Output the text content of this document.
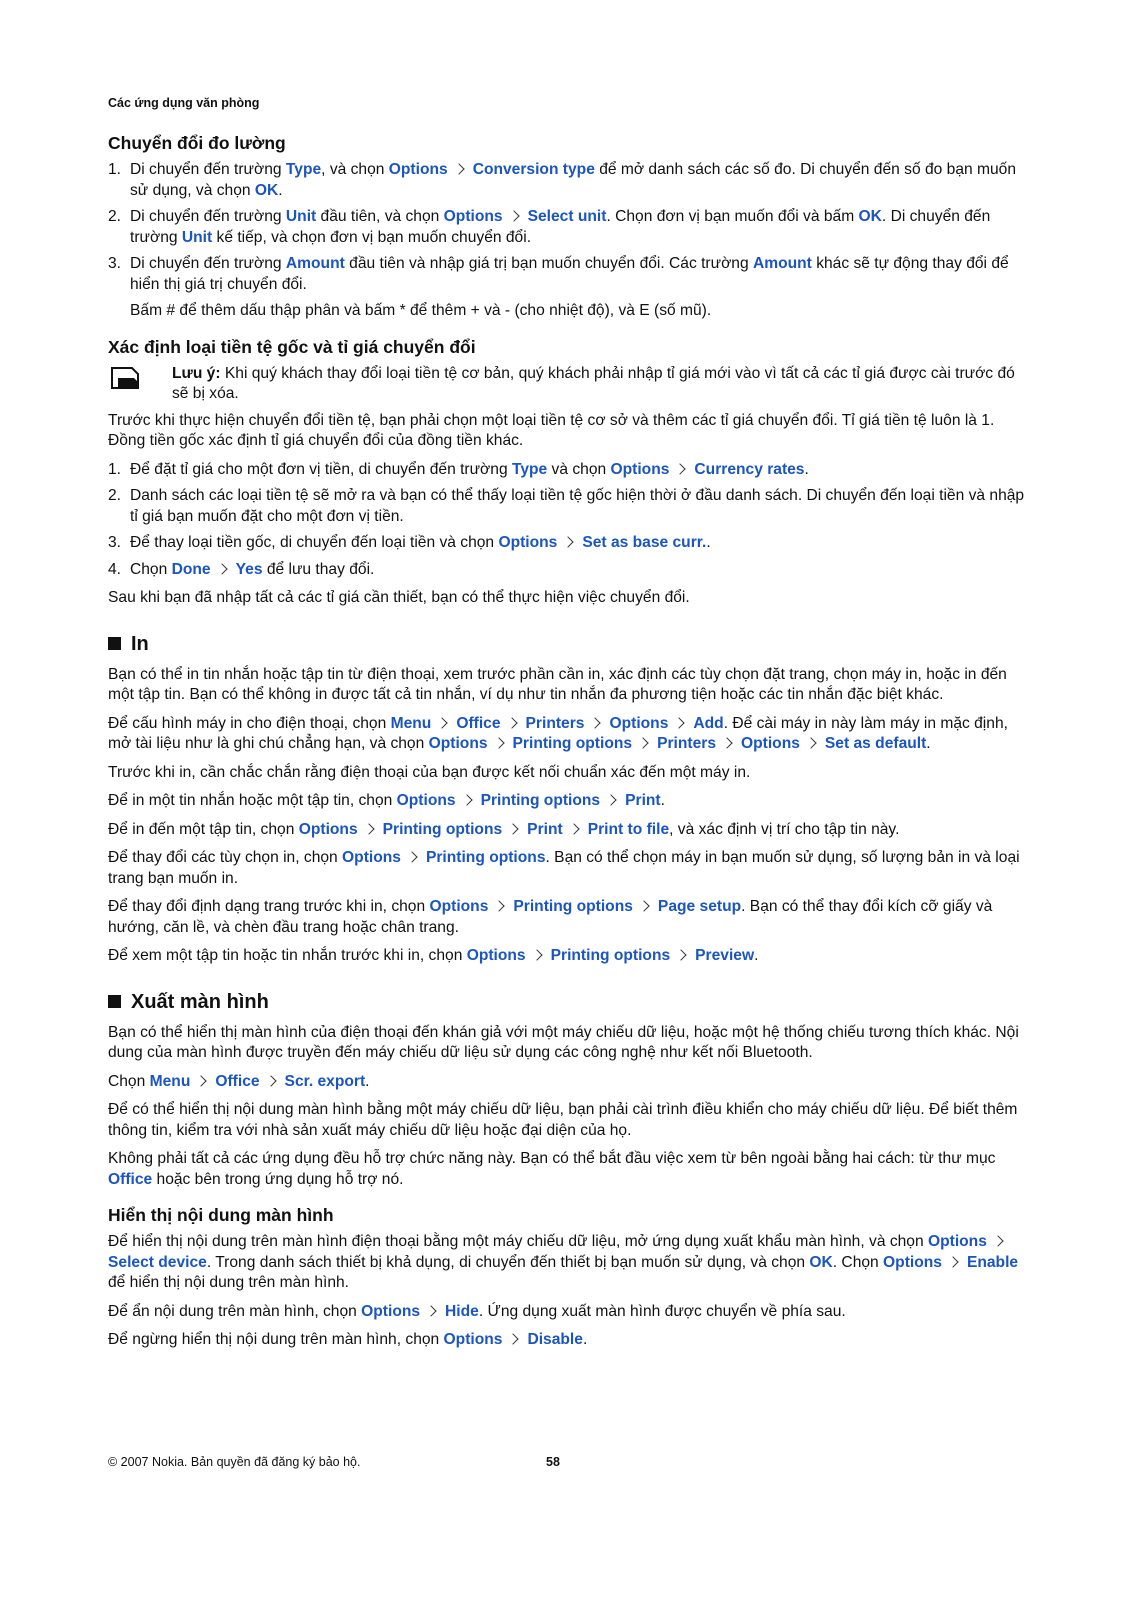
Các ứng dụng văn phòng
Chuyển đổi đo lường
1. Di chuyển đến trường Type, và chọn Options Conversion type để mở danh sách các số đo. Di chuyển đến số đo bạn muốn sử dụng, và chọn OK.
2. Di chuyển đến trường Unit đầu tiên, và chọn Options Select unit. Chọn đơn vị bạn muốn đổi và bấm OK. Di chuyển đến trường Unit kế tiếp, và chọn đơn vị bạn muốn chuyển đổi.
3. Di chuyển đến trường Amount đầu tiên và nhập giá trị bạn muốn chuyển đổi. Các trường Amount khác sẽ tự động thay đổi để hiển thị giá trị chuyển đổi.
Bấm # để thêm dấu thập phân và bấm * để thêm + và - (cho nhiệt độ), và E (số mũ).
Xác định loại tiền tệ gốc và tỉ giá chuyển đổi
Lưu ý: Khi quý khách thay đổi loại tiền tệ cơ bản, quý khách phải nhập tỉ giá mới vào vì tất cả các tỉ giá được cài trước đó sẽ bị xóa.

Trước khi thực hiện chuyển đổi tiền tệ, bạn phải chọn một loại tiền tệ cơ sở và thêm các tỉ giá chuyển đổi. Tỉ giá tiền tệ luôn là 1. Đồng tiền gốc xác định tỉ giá chuyển đổi của đồng tiền khác.

1. Để đặt tỉ giá cho một đơn vị tiền, di chuyển đến trường Type và chọn Options Currency rates.
2. Danh sách các loại tiền tệ sẽ mở ra và bạn có thể thấy loại tiền tệ gốc hiện thời ở đầu danh sách. Di chuyển đến loại tiền và nhập tỉ giá bạn muốn đặt cho một đơn vị tiền.
3. Để thay loại tiền gốc, di chuyển đến loại tiền và chọn Options Set as base curr..
4. Chọn Done Yes để lưu thay đổi.

Sau khi bạn đã nhập tất cả các tỉ giá cần thiết, bạn có thể thực hiện việc chuyển đổi.

In

Bạn có thể in tin nhắn hoặc tập tin từ điện thoại, xem trước phần cần in, xác định các tùy chọn đặt trang, chọn máy in, hoặc in đến một tập tin. Bạn có thể không in được tất cả tin nhắn, ví dụ như tin nhắn đa phương tiện hoặc các tin nhắn đặc biệt khác.

Để cấu hình máy in cho điện thoại, chọn Menu Office Printers Options Add. Để cài máy in này làm máy in mặc định, mở tài liệu như là ghi chú chẳng hạn, và chọn Options Printing options Printers Options Set as default.

Trước khi in, cần chắc chắn rằng điện thoại của bạn được kết nối chuẩn xác đến một máy in.

Để in một tin nhắn hoặc một tập tin, chọn Options Printing options Print.

Để in đến một tập tin, chọn Options Printing options Print Print to file, và xác định vị trí cho tập tin này.

Để thay đổi các tùy chọn in, chọn Options Printing options. Bạn có thể chọn máy in bạn muốn sử dụng, số lượng bản in và loại trang bạn muốn in.

Để thay đổi định dạng trang trước khi in, chọn Options Printing options Page setup. Bạn có thể thay đổi kích cỡ giấy và hướng, căn lề, và chèn đầu trang hoặc chân trang.

Để xem một tập tin hoặc tin nhắn trước khi in, chọn Options Printing options Preview.

Xuất màn hình

Bạn có thể hiển thị màn hình của điện thoại đến khán giả với một máy chiếu dữ liệu, hoặc một hệ thống chiếu tương thích khác. Nội dung của màn hình được truyền đến máy chiếu dữ liệu sử dụng các công nghệ như kết nối Bluetooth.

Chọn Menu Office Scr. export.

Để có thể hiển thị nội dung màn hình bằng một máy chiếu dữ liệu, bạn phải cài trình điều khiển cho máy chiếu dữ liệu. Để biết thêm thông tin, kiểm tra với nhà sản xuất máy chiếu dữ liệu hoặc đại diện của họ.

Không phải tất cả các ứng dụng đều hỗ trợ chức năng này. Bạn có thể bắt đầu việc xem từ bên ngoài bằng hai cách: từ thư mục Office hoặc bên trong ứng dụng hỗ trợ nó.

Hiển thị nội dung màn hình

Để hiển thị nội dung trên màn hình điện thoại bằng một máy chiếu dữ liệu, mở ứng dụng xuất khẩu màn hình, và chọn OptionsSelect device. Trong danh sách thiết bị khả dụng, di chuyển đến thiết bị bạn muốn sử dụng, và chọn OK. Chọn Options Enable để hiển thị nội dung trên màn hình.

Để ẩn nội dung trên màn hình, chọn Options Hide. Ứng dụng xuất màn hình được chuyển về phía sau.

Để ngừng hiển thị nội dung trên màn hình, chọn Options Disable.

© 2007 Nokia. Bản quyền đã đăng ký bảo hộ.	58
